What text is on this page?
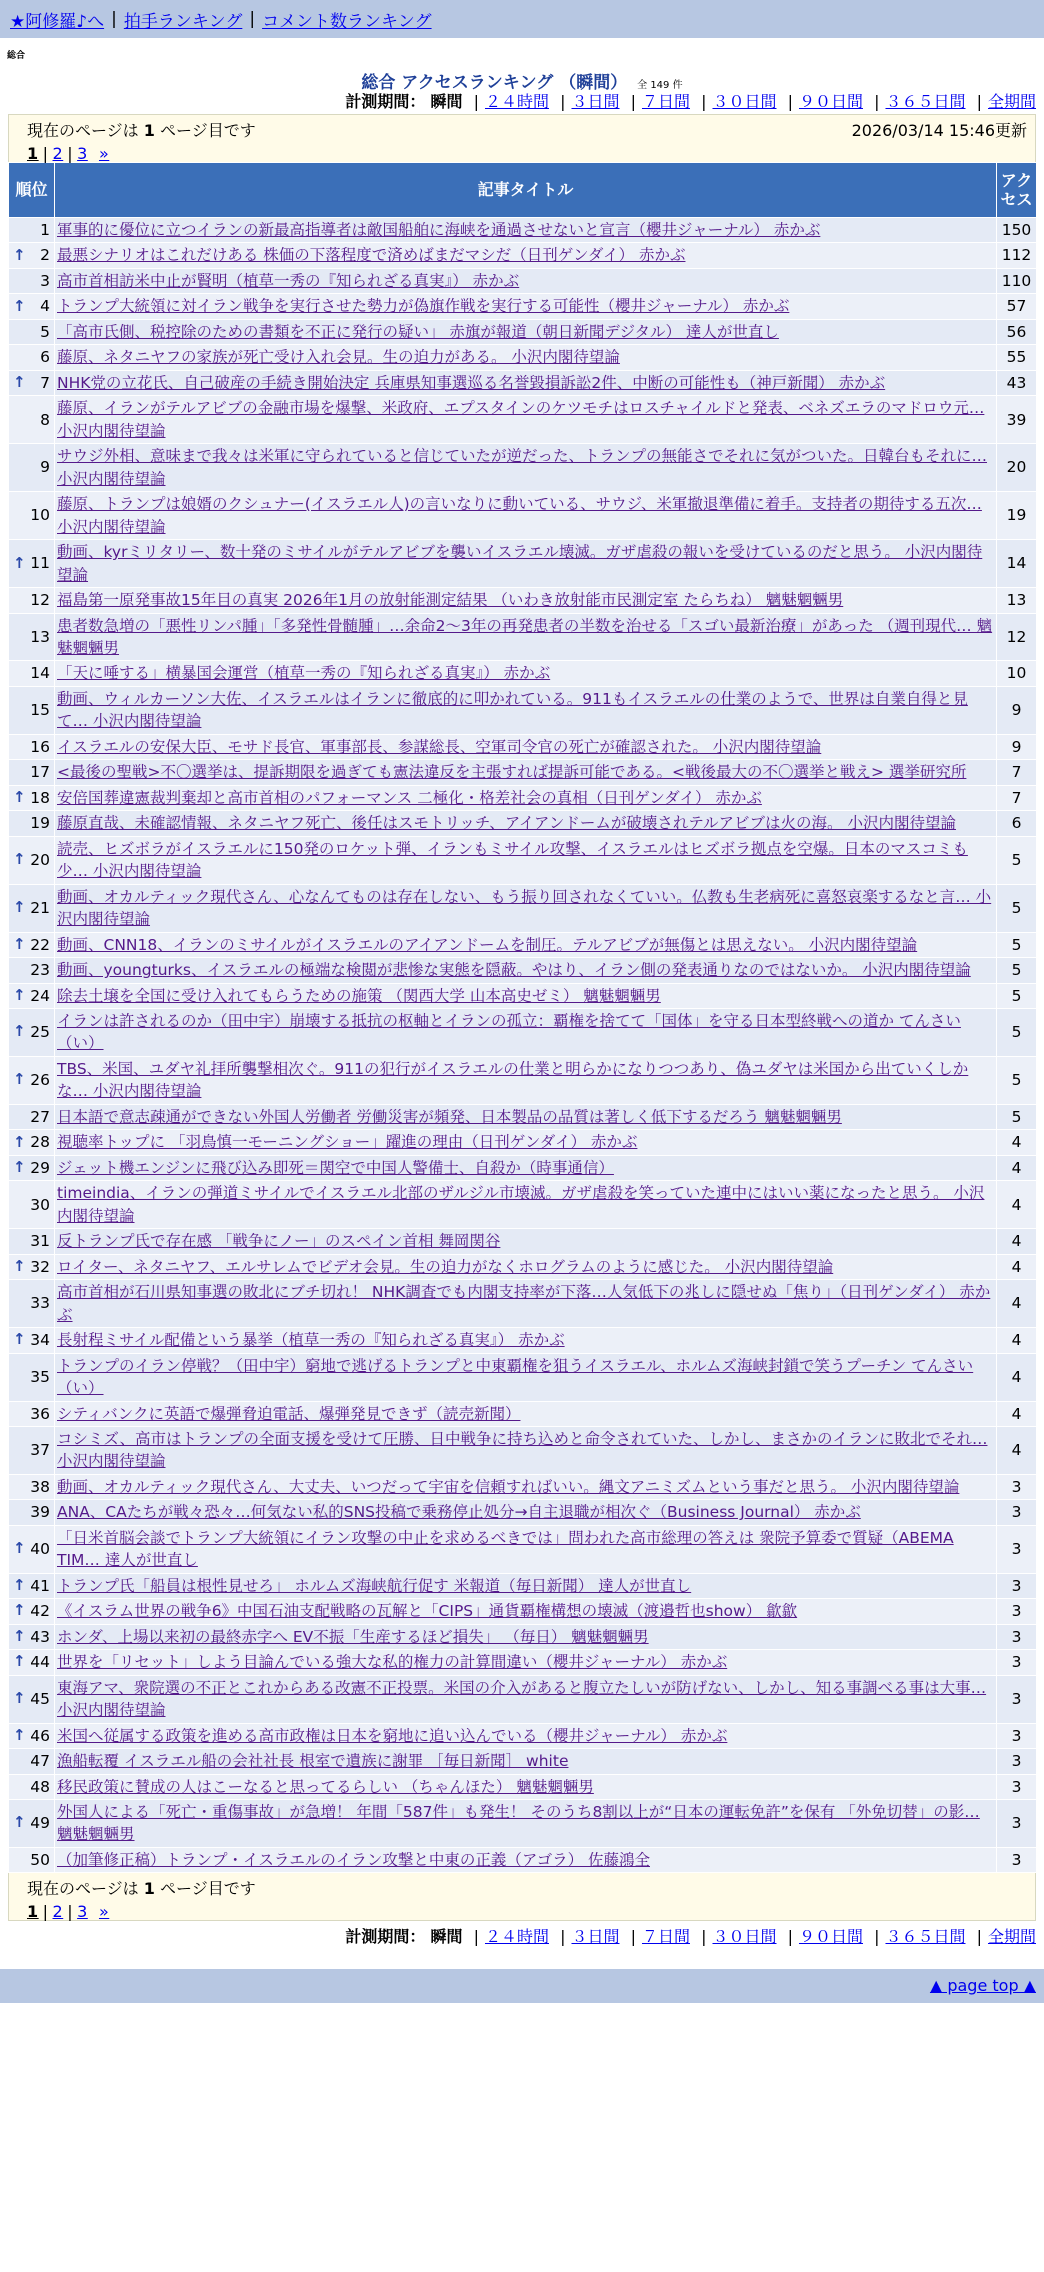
★阿修羅♪へ | 拍手ランキング | コメント数ランキング
総合
総合 アクセスランキング （瞬間） 全 149 件
計測期間： 瞬間 | ２４時間 | ３日間 | ７日間 | ３０日間 | ９０日間 | ３６５日間 | 全期間
現在のページは 1 ページ目です	2026/03/14 15:46更新
1 | 2 | 3 »
順位	記事タイトル	アクセス
1	軍事的に優位に立つイランの新最高指導者は敵国船舶に海峡を通過させないと宣言（櫻井ジャーナル） 赤かぶ	150

↑ 2	最悪シナリオはこれだけある 株価の下落程度で済めばまだマシだ（日刊ゲンダイ） 赤かぶ	112
3	高市首相訪米中止が賢明（植草一秀の『知られざる真実』） 赤かぶ	110

↑ 4	トランプ大統領に対イラン戦争を実行させた勢力が偽旗作戦を実行する可能性（櫻井ジャーナル） 赤かぶ	57
5	「高市氏側、税控除のための書類を不正に発行の疑い」 赤旗が報道（朝日新聞デジタル） 達人が世直し	56
6	藤原、ネタニヤフの家族が死亡受け入れ会見。生の迫力がある。 小沢内閣待望論	55

↑ 7	NHK党の立花氏、自己破産の手続き開始決定 兵庫県知事選巡る名誉毀損訴訟2件、中断の可能性も（神戸新聞） 赤かぶ	43
8	藤原、イランがテルアビブの金融市場を爆撃、米政府、エプスタインのケツモチはロスチャイルドと発表、ベネズエラのマドロウ元… 小沢内閣待望論	39
9	サウジ外相、意味まで我々は米軍に守られていると信じていたが逆だった、トランプの無能さでそれに気がついた。日韓台もそれに… 小沢内閣待望論	20
10	藤原、トランプは娘婿のクシュナー(イスラエル人)の言いなりに動いている、サウジ、米軍撤退準備に着手。支持者の期待する五次… 小沢内閣待望論	19

↑ 11	動画、kyrミリタリー、数十発のミサイルがテルアビブを襲いイスラエル壊滅。ガザ虐殺の報いを受けているのだと思う。 小沢内閣待望論	14
12	福島第一原発事故15年目の真実 2026年1月の放射能測定結果 （いわき放射能市民測定室 たらちね） 魑魅魍魎男	13
13	患者数急増の「悪性リンパ腫」「多発性骨髄腫」…余命2～3年の再発患者の半数を治せる「スゴい最新治療」があった （週刊現代… 魑魅魍魎男	12
14	「天に唾する」横暴国会運営（植草一秀の『知られざる真実』） 赤かぶ	10
15	動画、ウィルカーソン大佐、イスラエルはイランに徹底的に叩かれている。911もイスラエルの仕業のようで、世界は自業自得と見て… 小沢内閣待望論	9
16	イスラエルの安保大臣、モサド長官、軍事部長、参謀総長、空軍司令官の死亡が確認された。 小沢内閣待望論	9
17	<最後の聖戦>不〇選挙は、提訴期限を過ぎても憲法違反を主張すれば提訴可能である。<戦後最大の不〇選挙と戦え> 選挙研究所	7

↑ 18	安倍国葬違憲裁判棄却と高市首相のパフォーマンス 二極化・格差社会の真相（日刊ゲンダイ） 赤かぶ	7
19	藤原直哉、未確認情報、ネタニヤフ死亡、後任はスモトリッチ、アイアンドームが破壊されテルアビブは火の海。 小沢内閣待望論	6

↑ 20	読売、ヒズボラがイスラエルに150発のロケット弾、イランもミサイル攻撃、イスラエルはヒズボラ拠点を空爆。日本のマスコミも少… 小沢内閣待望論	5

↑ 21	動画、オカルティック現代さん、心なんてものは存在しない、もう振り回されなくていい。仏教も生老病死に喜怒哀楽するなと言… 小沢内閣待望論	5

↑ 22	動画、CNN18、イランのミサイルがイスラエルのアイアンドームを制圧。テルアビブが無傷とは思えない。 小沢内閣待望論	5
23	動画、youngturks、イスラエルの極端な検閲が悲惨な実態を隠蔽。やはり、イラン側の発表通りなのではないか。 小沢内閣待望論	5

↑ 24	除去土壌を全国に受け入れてもらうための施策 （関西大学 山本高史ゼミ） 魑魅魍魎男	5

↑ 25	イランは許されるのか（田中宇）崩壊する抵抗の枢軸とイランの孤立：覇権を捨てて「国体」を守る日本型終戦への道か てんさい（い）	5

↑ 26	TBS、米国、ユダヤ礼拝所襲撃相次ぐ。911の犯行がイスラエルの仕業と明らかになりつつあり、偽ユダヤは米国から出ていくしかな… 小沢内閣待望論	5
27	日本語で意志疎通ができない外国人労働者 労働災害が頻発、日本製品の品質は著しく低下するだろう 魑魅魍魎男	5

↑ 28	視聴率トップに 「羽鳥慎一モーニングショー」躍進の理由（日刊ゲンダイ） 赤かぶ	4

↑ 29	ジェット機エンジンに飛び込み即死＝関空で中国人警備士、自殺か（時事通信）	4
30	timeindia、イランの弾道ミサイルでイスラエル北部のザルジル市壊滅。ガザ虐殺を笑っていた連中にはいい薬になったと思う。 小沢内閣待望論	4
31	反トランプ氏で存在感 「戦争にノー」のスペイン首相 舞岡関谷	4

↑ 32	ロイター、ネタニヤフ、エルサレムでビデオ会見。生の迫力がなくホログラムのように感じた。 小沢内閣待望論	4
33	高市首相が石川県知事選の敗北にブチ切れ！ NHK調査でも内閣支持率が下落…人気低下の兆しに隠せぬ「焦り」（日刊ゲンダイ） 赤かぶ	4

↑ 34	長射程ミサイル配備という暴挙（植草一秀の『知られざる真実』） 赤かぶ	4
35	トランプのイラン停戦？（田中宇）窮地で逃げるトランプと中東覇権を狙うイスラエル、ホルムズ海峡封鎖で笑うプーチン てんさい（い）	4
36	シティバンクに英語で爆弾脅迫電話、爆弾発見できず（読売新聞）	4
37	コシミズ、高市はトランプの全面支援を受けて圧勝、日中戦争に持ち込めと命令されていた、しかし、まさかのイランに敗北でそれ… 小沢内閣待望論	4
38	動画、オカルティック現代さん、大丈夫、いつだって宇宙を信頼すればいい。縄文アニミズムという事だと思う。 小沢内閣待望論	3
39	ANA、CAたちが戦々恐々…何気ない私的SNS投稿で乗務停止処分→自主退職が相次ぐ（Business Journal） 赤かぶ	3

↑ 40	「日米首脳会談でトランプ大統領にイラン攻撃の中止を求めるべきでは」問われた高市総理の答えは 衆院予算委で質疑（ABEMA TIM… 達人が世直し	3

↑ 41	トランプ氏「船員は根性見せろ」 ホルムズ海峡航行促す 米報道（毎日新聞） 達人が世直し	3

↑ 42	《イスラム世界の戦争6》中国石油支配戦略の瓦解と「CIPS」通貨覇権構想の壊滅（渡邉哲也show） 歙歙	3

↑ 43	ホンダ、上場以来初の最終赤字へ EV不振「生産するほど損失」 （毎日） 魑魅魍魎男	3

↑ 44	世界を「リセット」しよう目論んでいる強大な私的権力の計算間違い（櫻井ジャーナル） 赤かぶ	3

↑ 45	東海アマ、衆院選の不正とこれからある改憲不正投票。米国の介入があると腹立たしいが防げない、しかし、知る事調べる事は大事… 小沢内閣待望論	3

↑ 46	米国へ従属する政策を進める高市政権は日本を窮地に追い込んでいる（櫻井ジャーナル） 赤かぶ	3
47	漁船転覆 イスラエル船の会社社長 根室で遺族に謝罪 ［毎日新聞］ white	3
48	移民政策に賛成の人はこーなると思ってるらしい （ちゃんほた） 魑魅魍魎男	3

↑ 49	外国人による「死亡・重傷事故」が急増！ 年間「587件」も発生！ そのうち8割以上が“日本の運転免許”を保有 「外免切替」の影… 魑魅魍魎男	3
50	（加筆修正稿）トランプ・イスラエルのイラン攻撃と中東の正義（アゴラ） 佐藤鴻全	3
現在のページは 1 ページ目です
1 | 2 | 3 »
計測期間： 瞬間 | ２４時間 | ３日間 | ７日間 | ３０日間 | ９０日間 | ３６５日間 | 全期間
▲ page top ▲
